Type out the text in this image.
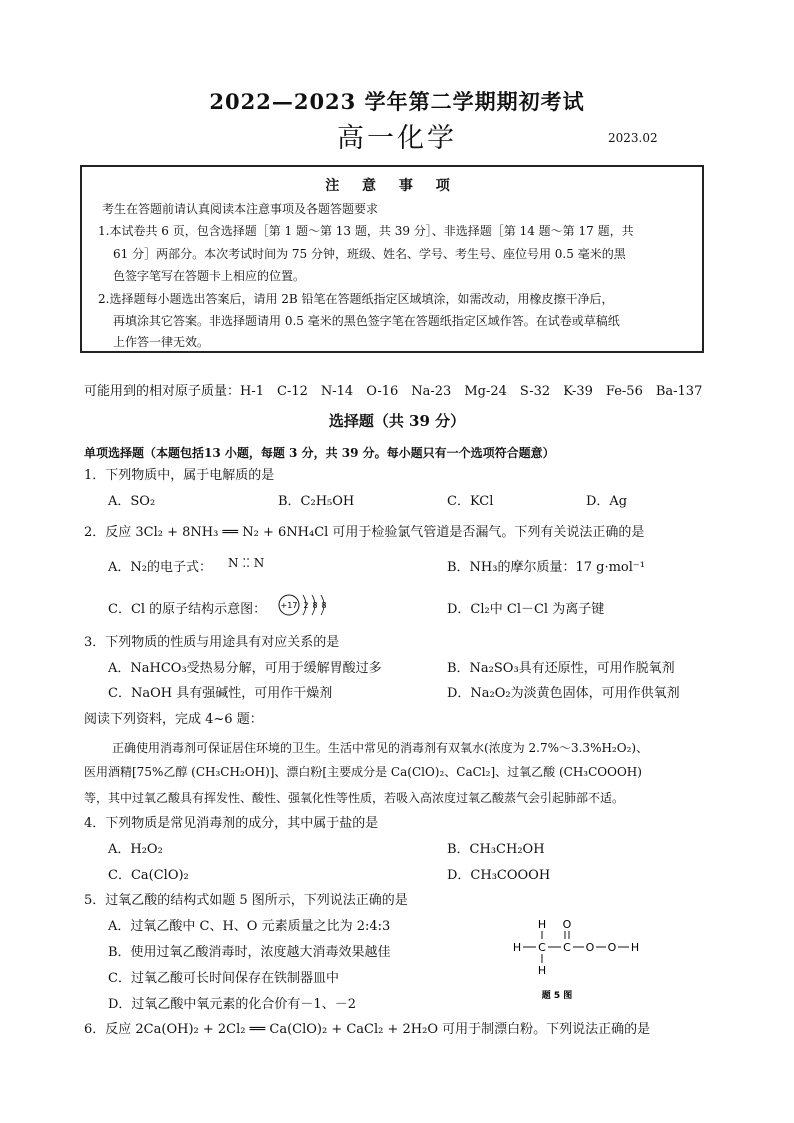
2022—2023 学年第二学期期初考试
高一化学	2023.02
注 意 事 项
考生在答题前请认真阅读本注意事项及各题答题要求
1.本试卷共 6 页，包含选择题［第 1 题～第 13 题，共 39 分］、非选择题［第 14 题～第 17 题，共
61 分］两部分。本次考试时间为 75 分钟，班级、姓名、学号、考生号、座位号用 0.5 毫米的黑
色签字笔写在答题卡上相应的位置。
2.选择题每小题选出答案后，请用 2B 铅笔在答题纸指定区域填涂，如需改动，用橡皮擦干净后，
再填涂其它答案。非选择题请用 0.5 毫米的黑色签字笔在答题纸指定区域作答。在试卷或草稿纸
上作答一律无效。
可能用到的相对原子质量：H-1　C-12　N-14　O-16　Na-23　Mg-24　S-32　K-39　Fe-56　Ba-137
选择题（共 39 分）
单项选择题（本题包括13 小题，每题 3 分，共 39 分。每小题只有一个选项符合题意）
1．下列物质中，属于电解质的是
A．SO₂	B．C₂H₅OH	C．KCl	D．Ag
2．反应 3Cl₂ + 8NH₃ ══ N₂ + 6NH₄Cl 可用于检验氯气管道是否漏气。下列有关说法正确的是
A．N₂的电子式： N ⁚⁚ N	B．NH₃的摩尔质量：17 g·mol⁻¹
C．Cl 的原子结构示意图： +17 2 8 8	D．Cl₂中 Cl－Cl 为离子键
3．下列物质的性质与用途具有对应关系的是
A．NaHCO₃受热易分解，可用于缓解胃酸过多	B．Na₂SO₃具有还原性，可用作脱氧剂
C．NaOH 具有强碱性，可用作干燥剂	D．Na₂O₂为淡黄色固体，可用作供氧剂
阅读下列资料，完成 4~6 题：
正确使用消毒剂可保证居住环境的卫生。生活中常见的消毒剂有双氧水(浓度为 2.7%～3.3%H₂O₂)、
医用酒精[75%乙醇 (CH₃CH₂OH)]、漂白粉[主要成分是 Ca(ClO)₂、CaCl₂]、过氧乙酸 (CH₃COOOH)
等，其中过氧乙酸具有挥发性、酸性、强氧化性等性质，若吸入高浓度过氧乙酸蒸气会引起肺部不适。
4．下列物质是常见消毒剂的成分，其中属于盐的是
A．H₂O₂	B．CH₃CH₂OH
C．Ca(ClO)₂	D．CH₃COOOH
5．过氧乙酸的结构式如题 5 图所示，下列说法正确的是
A．过氧乙酸中 C、H、O 元素质量之比为 2:4:3
B．使用过氧乙酸消毒时，浓度越大消毒效果越佳
C．过氧乙酸可长时间保存在铁制器皿中
D．过氧乙酸中氧元素的化合价有－1、－2
H O
H C C O O H
H
题 5 图
6．反应 2Ca(OH)₂ + 2Cl₂ ══ Ca(ClO)₂ + CaCl₂ + 2H₂O 可用于制漂白粉。下列说法正确的是
